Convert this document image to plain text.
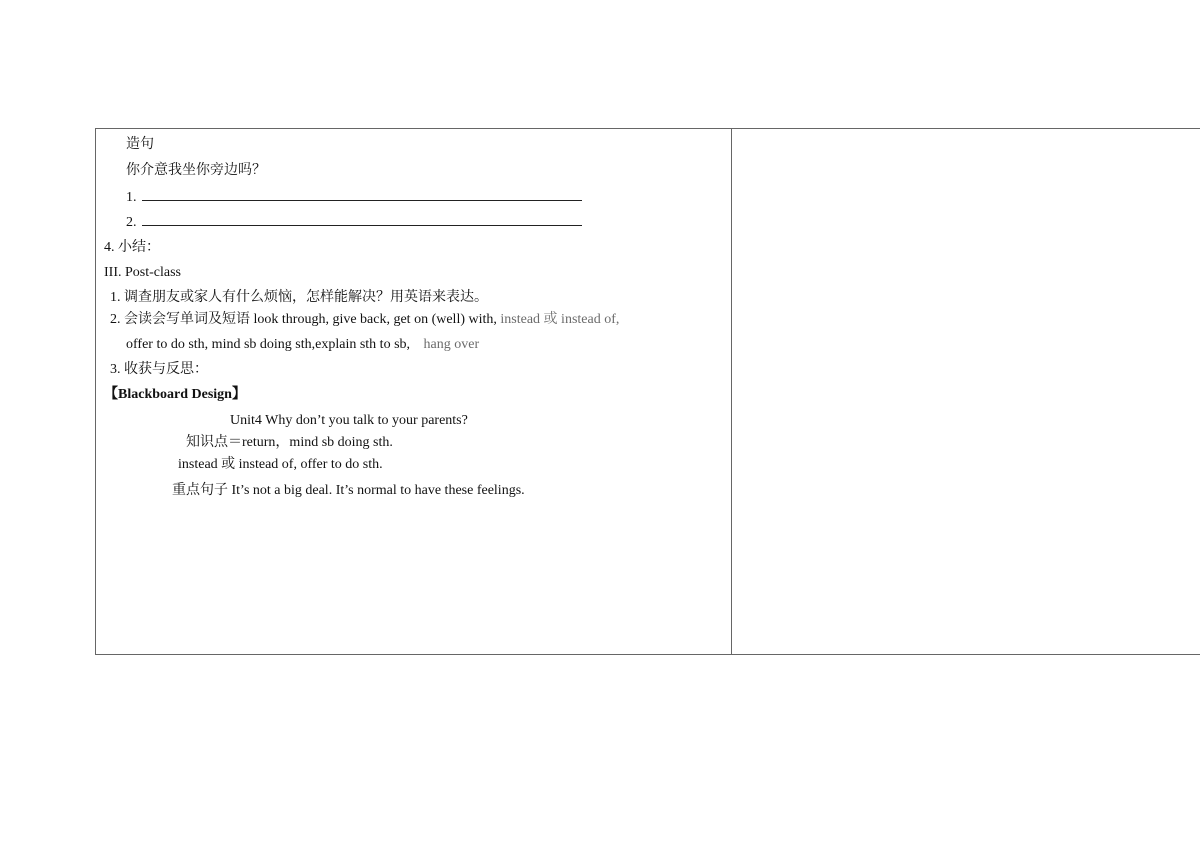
造句
你介意我坐你旁边吗？
1.
2.
4. 小结：
III. Post-class
1. 调查朋友或家人有什么烦恼，怎样能解决？用英语来表达。
2. 会读会写单词及短语 look through, give back, get on (well) with, instead 或 instead of,
offer to do sth, mind sb doing sth,explain sth to sb, hang over
3. 收获与反思：
【Blackboard Design】
Unit4 Why don’t you talk to your parents?
知识点＝return，mind sb doing sth.
instead 或 instead of, offer to do sth.
重点句子 It’s not a big deal. It’s normal to have these feelings.
